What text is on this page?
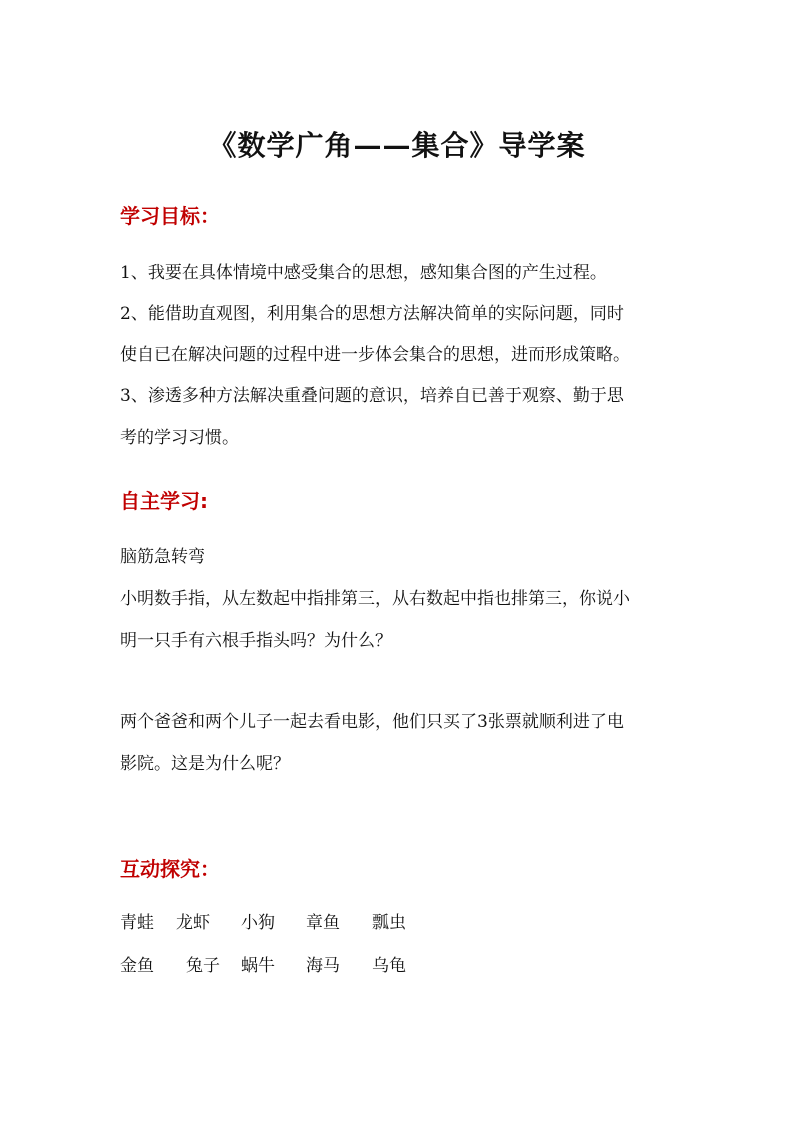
《数学广角——集合》导学案
学习目标：
1、我要在具体情境中感受集合的思想，感知集合图的产生过程。
2、能借助直观图，利用集合的思想方法解决简单的实际问题，同时
使自已在解决问题的过程中进一步体会集合的思想，进而形成策略。
3、渗透多种方法解决重叠问题的意识，培养自已善于观察、勤于思
考的学习习惯。
自主学习:
脑筋急转弯
小明数手指，从左数起中指排第三，从右数起中指也排第三，你说小
明一只手有六根手指头吗？为什么？
两个爸爸和两个儿子一起去看电影，他们只买了3张票就顺利进了电
影院。这是为什么呢？
互动探究：
青蛙 龙虾 小狗 章鱼 瓢虫
金鱼 兔子 蜗牛 海马 乌龟
